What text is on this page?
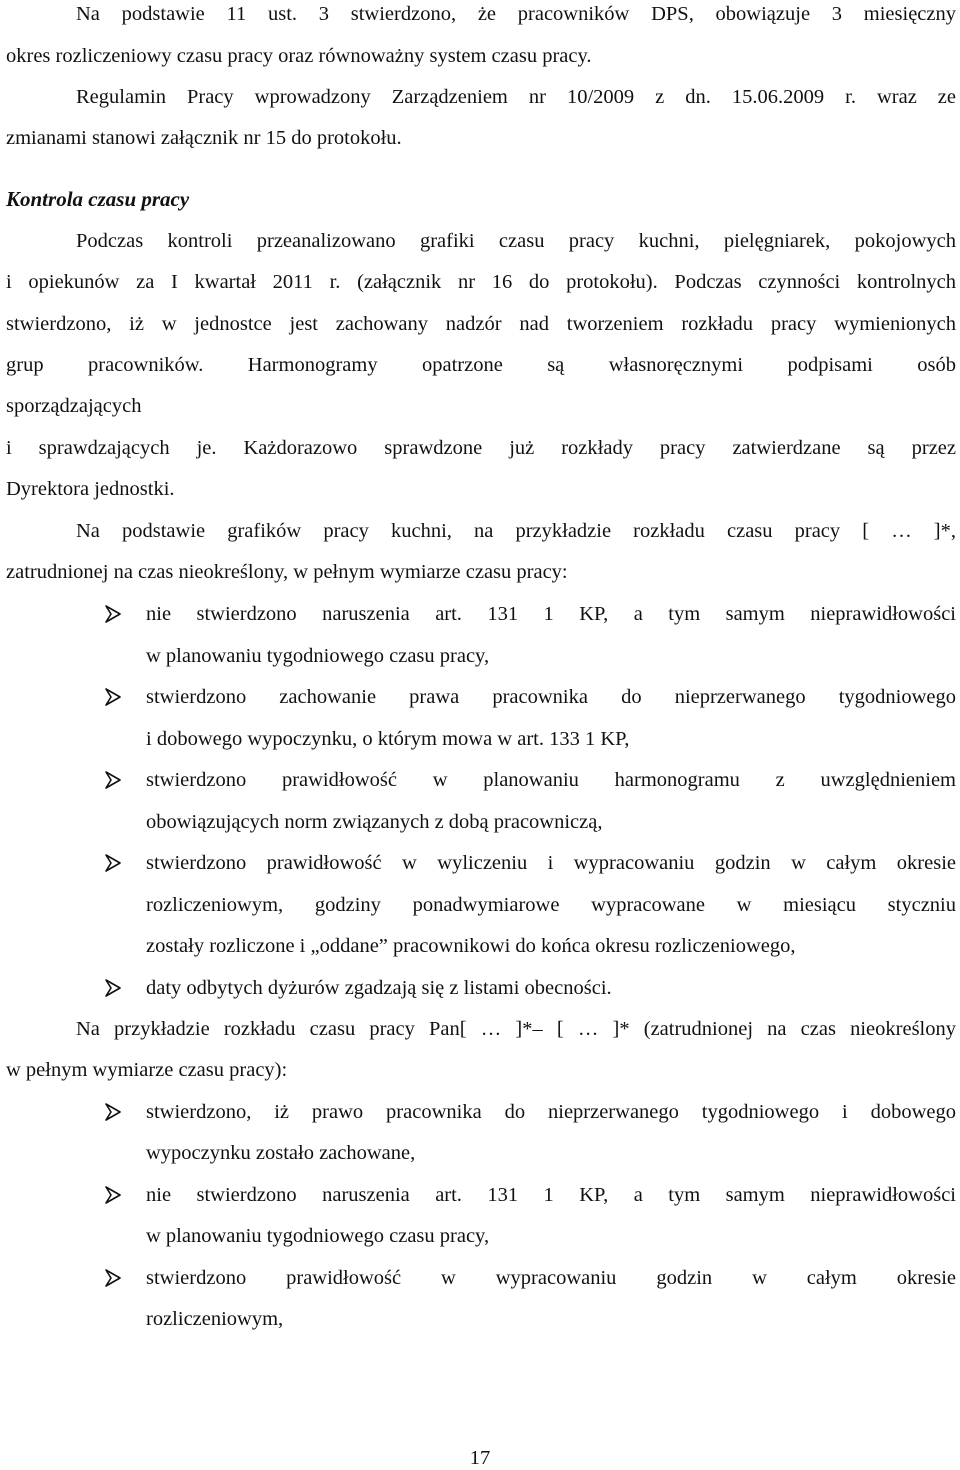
Na podstawie 11 ust. 3 stwierdzono, że pracowników DPS, obowiązuje 3 miesięczny
okres rozliczeniowy czasu pracy oraz równoważny system czasu pracy.
Regulamin Pracy wprowadzony Zarządzeniem nr 10/2009 z dn. 15.06.2009 r. wraz ze
zmianami stanowi załącznik nr 15 do protokołu.
Kontrola czasu pracy
Podczas kontroli przeanalizowano grafiki czasu pracy kuchni, pielęgniarek, pokojowych
i opiekunów za I kwartał 2011 r. (załącznik nr 16 do protokołu). Podczas czynności kontrolnych
stwierdzono, iż w jednostce jest zachowany nadzór nad tworzeniem rozkładu pracy wymienionych
grup pracowników. Harmonogramy opatrzone są własnoręcznymi podpisami osób
sporządzających
i sprawdzających je. Każdorazowo sprawdzone już rozkłady pracy zatwierdzane są przez
Dyrektora jednostki.
Na podstawie grafików pracy kuchni, na przykładzie rozkładu czasu pracy [ … ]*,
zatrudnionej na czas nieokreślony, w pełnym wymiarze czasu pracy:
nie stwierdzono naruszenia art. 131 1 KP, a tym samym nieprawidłowości
w planowaniu tygodniowego czasu pracy,
stwierdzono zachowanie prawa pracownika do nieprzerwanego tygodniowego
i dobowego wypoczynku, o którym mowa w art. 133 1 KP,
stwierdzono prawidłowość w planowaniu harmonogramu z uwzględnieniem
obowiązujących norm związanych z dobą pracowniczą,
stwierdzono prawidłowość w wyliczeniu i wypracowaniu godzin w całym okresie
rozliczeniowym, godziny ponadwymiarowe wypracowane w miesiącu styczniu
zostały rozliczone i „oddane” pracownikowi do końca okresu rozliczeniowego,
daty odbytych dyżurów zgadzają się z listami obecności.
Na przykładzie rozkładu czasu pracy Pan[ … ]*– [ … ]* (zatrudnionej na czas nieokreślony
w pełnym wymiarze czasu pracy):
stwierdzono, iż prawo pracownika do nieprzerwanego tygodniowego i dobowego
wypoczynku zostało zachowane,
nie stwierdzono naruszenia art. 131 1 KP, a tym samym nieprawidłowości
w planowaniu tygodniowego czasu pracy,
stwierdzono prawidłowość w wypracowaniu godzin w całym okresie
rozliczeniowym,
17
